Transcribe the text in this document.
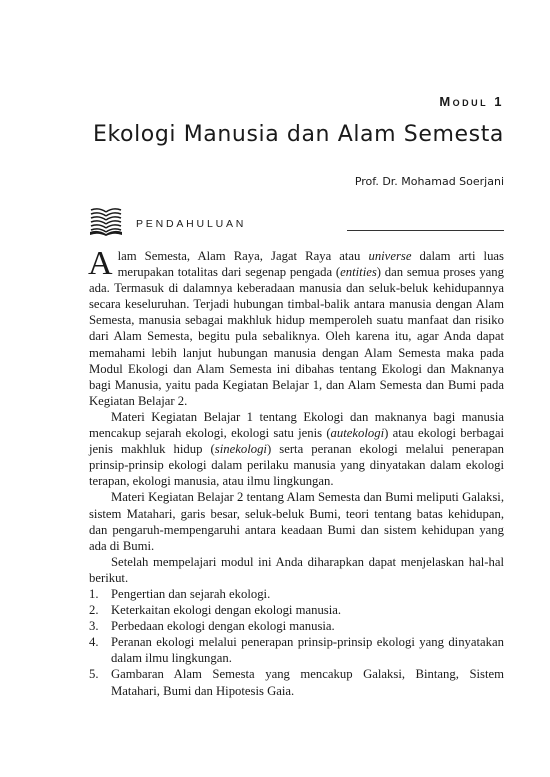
Modul 1
Ekologi Manusia dan Alam Semesta
Prof. Dr. Mohamad Soerjani
PENDAHULUAN

Alam Semesta, Alam Raya, Jagat Raya atau universe dalam arti luas merupakan totalitas dari segenap pengada (entities) dan semua proses yang ada. Termasuk di dalamnya keberadaan manusia dan seluk-beluk kehidupannya secara keseluruhan. Terjadi hubungan timbal-balik antara manusia dengan Alam Semesta, manusia sebagai makhluk hidup memperoleh suatu manfaat dan risiko dari Alam Semesta, begitu pula sebaliknya. Oleh karena itu, agar Anda dapat memahami lebih lanjut hubungan manusia dengan Alam Semesta maka pada Modul Ekologi dan Alam Semesta ini dibahas tentang Ekologi dan Maknanya bagi Manusia, yaitu pada Kegiatan Belajar 1, dan Alam Semesta dan Bumi pada Kegiatan Belajar 2.

Materi Kegiatan Belajar 1 tentang Ekologi dan maknanya bagi manusia mencakup sejarah ekologi, ekologi satu jenis (autekologi) atau ekologi berbagai jenis makhluk hidup (sinekologi) serta peranan ekologi melalui penerapan prinsip-prinsip ekologi dalam perilaku manusia yang dinyatakan dalam ekologi terapan, ekologi manusia, atau ilmu lingkungan.

Materi Kegiatan Belajar 2 tentang Alam Semesta dan Bumi meliputi Galaksi, sistem Matahari, garis besar, seluk-beluk Bumi, teori tentang batas kehidupan, dan pengaruh-mempengaruhi antara keadaan Bumi dan sistem kehidupan yang ada di Bumi.

Setelah mempelajari modul ini Anda diharapkan dapat menjelaskan hal-hal berikut.

1. Pengertian dan sejarah ekologi.
2. Keterkaitan ekologi dengan ekologi manusia.
3. Perbedaan ekologi dengan ekologi manusia.
4. Peranan ekologi melalui penerapan prinsip-prinsip ekologi yang dinyatakan dalam ilmu lingkungan.
5. Gambaran Alam Semesta yang mencakup Galaksi, Bintang, Sistem Matahari, Bumi dan Hipotesis Gaia.
